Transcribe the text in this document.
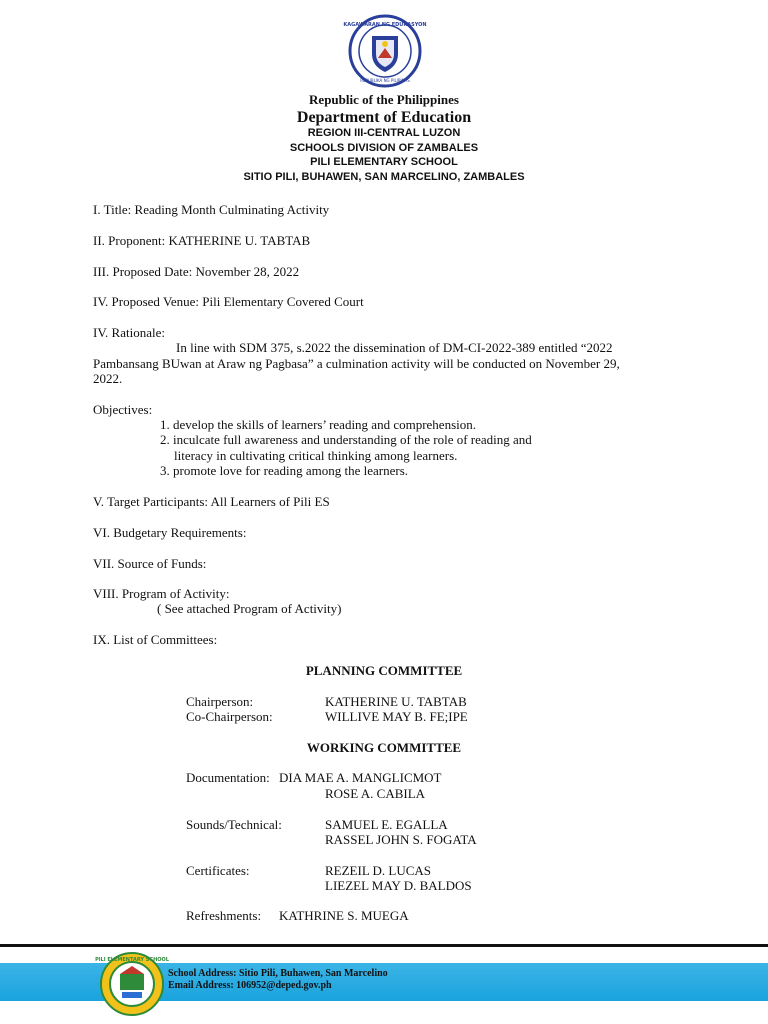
KAGAWARAN NG EDUKASYON
REPUBLIKA NG PILIPINAS
Republic of the Philippines
Department of Education
REGION III-CENTRAL LUZON
SCHOOLS DIVISION OF ZAMBALES
PILI ELEMENTARY SCHOOL
SITIO PILI, BUHAWEN, SAN MARCELINO, ZAMBALES
I. Title: Reading Month Culminating Activity
II. Proponent: KATHERINE U. TABTAB
III. Proposed Date: November 28, 2022
IV. Proposed Venue: Pili Elementary Covered Court
IV. Rationale:
In line with SDM 375, s.2022 the dissemination of DM-CI-2022-389 entitled “2022
Pambansang BUwan at Araw ng Pagbasa” a culmination activity will be conducted on November 29,
2022.
Objectives:
1. develop the skills of learners’ reading and comprehension.
2. inculcate full awareness and understanding of the role of reading and
literacy in cultivating critical thinking among learners.
3. promote love for reading among the learners.
V. Target Participants: All Learners of Pili ES
VI. Budgetary Requirements:
VII. Source of Funds:
VIII. Program of Activity:
( See attached Program of Activity)
IX. List of Committees:
PLANNING COMMITTEE
Chairperson:	KATHERINE U. TABTAB
Co-Chairperson:	WILLIVE MAY B. FE;IPE
WORKING COMMITTEE
Documentation: DIA MAE A. MANGLICMOT
ROSE A. CABILA
Sounds/Technical:	SAMUEL E. EGALLA
RASSEL JOHN S. FOGATA
Certificates:	REZEIL D. LUCAS
LIEZEL MAY D. BALDOS
Refreshments: KATHRINE S. MUEGA
PILI ELEMENTARY SCHOOL
School Address: Sitio Pili, Buhawen, San Marcelino
Email Address: 106952@deped.gov.ph
